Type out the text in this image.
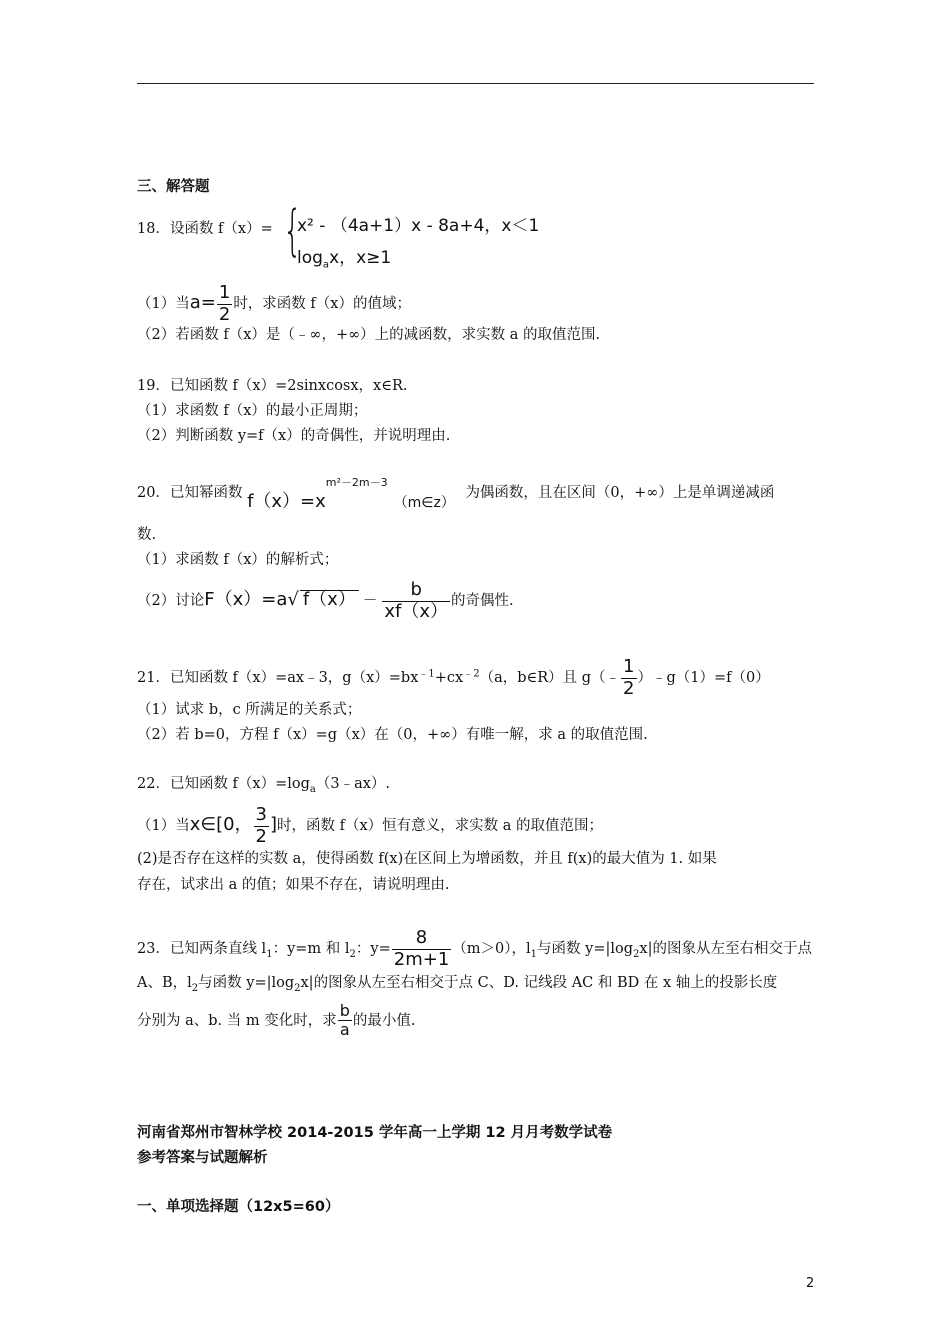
三、解答题
18．设函数 f（x）= {
x² - （4a+1）x - 8a+4，x＜1
$\log_ax$，x≥1
（1）当$a= \frac{1}{2}$ 时，求函数 f（x）的值域；
（2）若函数 f（x）是（﹣∞，+∞）上的减函数，求实数 a 的取值范围.
19．已知函数 f（x）=2sinxcosx，x∈R.
（1）求函数 f（x）的最小正周期；
（2）判断函数 y=f（x）的奇偶性，并说明理由.
20．已知幂函数 $f(x)=x^{m^2-2m-3}(m\in z)$ 为偶函数，且在区间（0，+∞）上是单调递减函
数.
（1）求函数 f（x）的解析式；
（2）讨论F（x）=a√ $f(x) - \frac{b}{xf(x)}$ 的奇偶性.
21．已知函数 f（x）=ax﹣3，$g(x)=bx^{﹣1}+cx^{﹣2}(a$，b∈R）且 g（﹣ $\frac{1}{2}$ ）﹣g（1）=f（0）
（1）试求 b，c 所满足的关系式；
（2）若 b=0，方程 f（x）=g（x）在（0，+∞）有唯一解，求 a 的取值范围.
22．已知函数 $f(x)=\log_a(3﹣ax)$.
（1）当x∈[0， $\frac{3}{2}$ ]时，函数 f（x）恒有意义，求实数 a 的取值范围；
(2)是否存在这样的实数 a，使得函数 f(x)在区间上为增函数，并且 f(x)的最大值为 1. 如果
存在，试求出 a 的值；如果不存在，请说明理由.
23．已知两条直线 $l_1$：y=m 和 $l_2$：$y= \frac{8}{2m+1} (m>0)$，$l_1$与函数 $y=|\log_2x|$的图象从左至右相交于点
A、B，$l_2$与函数 $y=|\log_2x|$的图象从左至右相交于点 C、D. 记线段 AC 和 BD 在 x 轴上的投影长度
分别为 a、b. 当 m 变化时，求 $\frac{b}{a}$ 的最小值.
河南省郑州市智林学校 2014-2015 学年高一上学期 12 月月考数学试卷
参考答案与试题解析
一、单项选择题（12x5=60）
2
